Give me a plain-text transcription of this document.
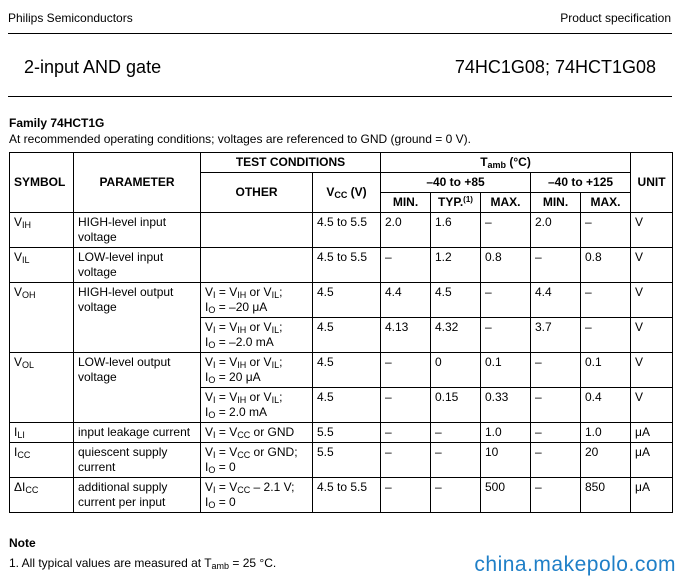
Philips Semiconductors	Product specification
2-input AND gate	74HC1G08; 74HCT1G08
Family 74HCT1G
At recommended operating conditions; voltages are referenced to GND (ground = 0 V).
SYMBOL	PARAMETER	TEST CONDITIONS		$T_{amb}$ (°C)					UNIT
		OTHER	$V_{CC}$ (V)	–40 to +85			–40 to +125		
				MIN.	TYP.$^{(1)}$	MAX.	MIN.	MAX.	
$V_{IH}$	HIGH-level input voltage		4.5 to 5.5	2.0	1.6	–	2.0	–	V
$V_{IL}$	LOW-level input voltage		4.5 to 5.5	–	1.2	0.8	–	0.8	V
$V_{OH}$	HIGH-level output voltage	$V_I = V_{IH}$ or $V_{IL}$;
$I_O = -20$ μA	4.5	4.4	4.5	–	4.4	–	V
		$V_I = V_{IH}$ or $V_{IL}$;
$I_O = -2.0$ mA	4.5	4.13	4.32	–	3.7	–	V
$V_{OL}$	LOW-level output voltage	$V_I = V_{IH}$ or $V_{IL}$;
$I_O = 20$ μA	4.5	–	0	0.1	–	0.1	V
		$V_I = V_{IH}$ or $V_{IL}$;
$I_O = 2.0$ mA	4.5	–	0.15	0.33	–	0.4	V
$I_{LI}$	input leakage current	$V_I = V_{CC}$ or GND	5.5	–	–	1.0	–	1.0	μA
$I_{CC}$	quiescent supply current	$V_I = V_{CC}$ or GND;
$I_O = 0$	5.5	–	–	10	–	20	μA
$\Delta I_{CC}$	additional supply current per input	$V_I = V_{CC} - 2.1$ V;
$I_O = 0$	4.5 to 5.5	–	–	500	–	850	μA
Note
1. All typical values are measured at $T_{amb} = 25$ °C.	china.makepolo.com
